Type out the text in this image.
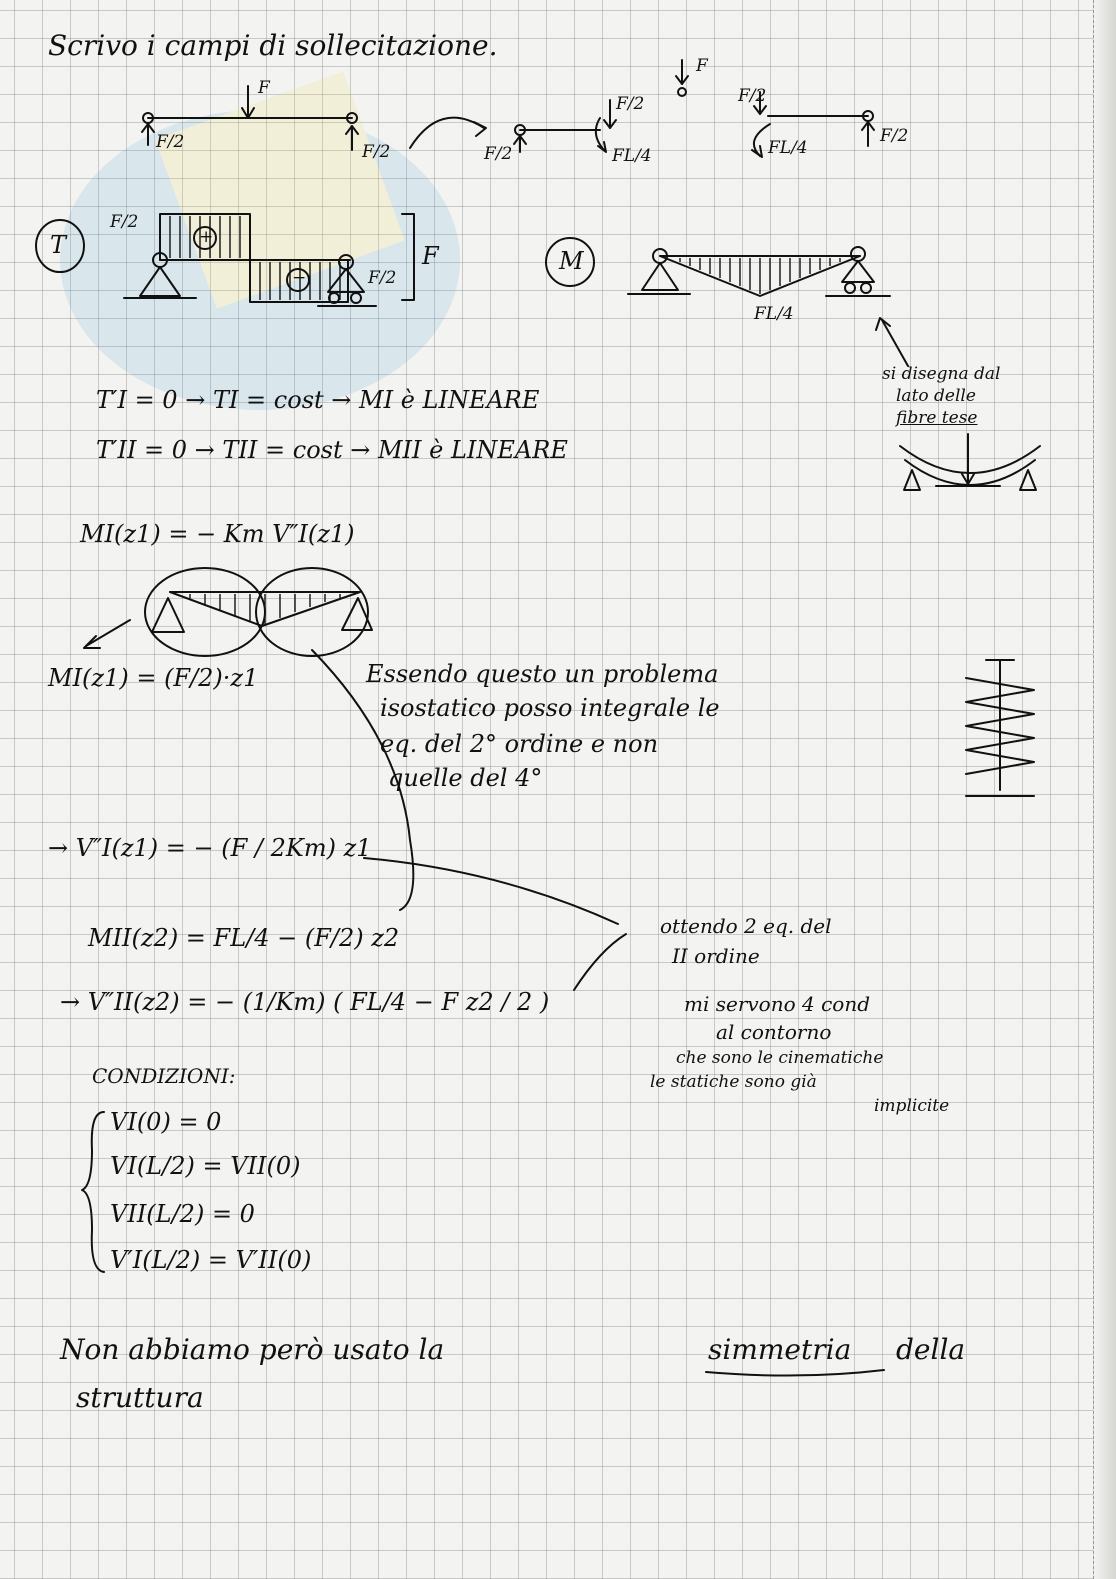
Scrivo i campi di sollecitazione.
F
F/2	F/2
F
F/2
F/2
FL/4
F/2
FL/4
F/2
T
F/2
+
−	F/2
F	M
FL/4
si disegna dal
lato delle
fibre tese
T′I = 0 → TI = cost → MI è LINEARE
T′II = 0 → TII = cost → MII è LINEARE
MI(z1) = − Km V″I(z1)
MI(z1) = (F/2)·z1
→ V″I(z1) = − (F / 2Km) z1
MII(z2) = FL/4 − (F/2) z2
→ V″II(z2) = − (1/Km) ( FL/4 − F z2 / 2 )
Essendo questo un problema
isostatico posso integrale le
eq. del 2° ordine e non
quelle del 4°
ottendo 2 eq. del
II ordine
mi servono 4 cond
al contorno
che sono le cinematiche
le statiche sono già
implicite
CONDIZIONI:
VI(0) = 0
VI(L/2) = VII(0)
VII(L/2) = 0
V′I(L/2) = V′II(0)
Non abbiamo però usato la	simmetria della
struttura
